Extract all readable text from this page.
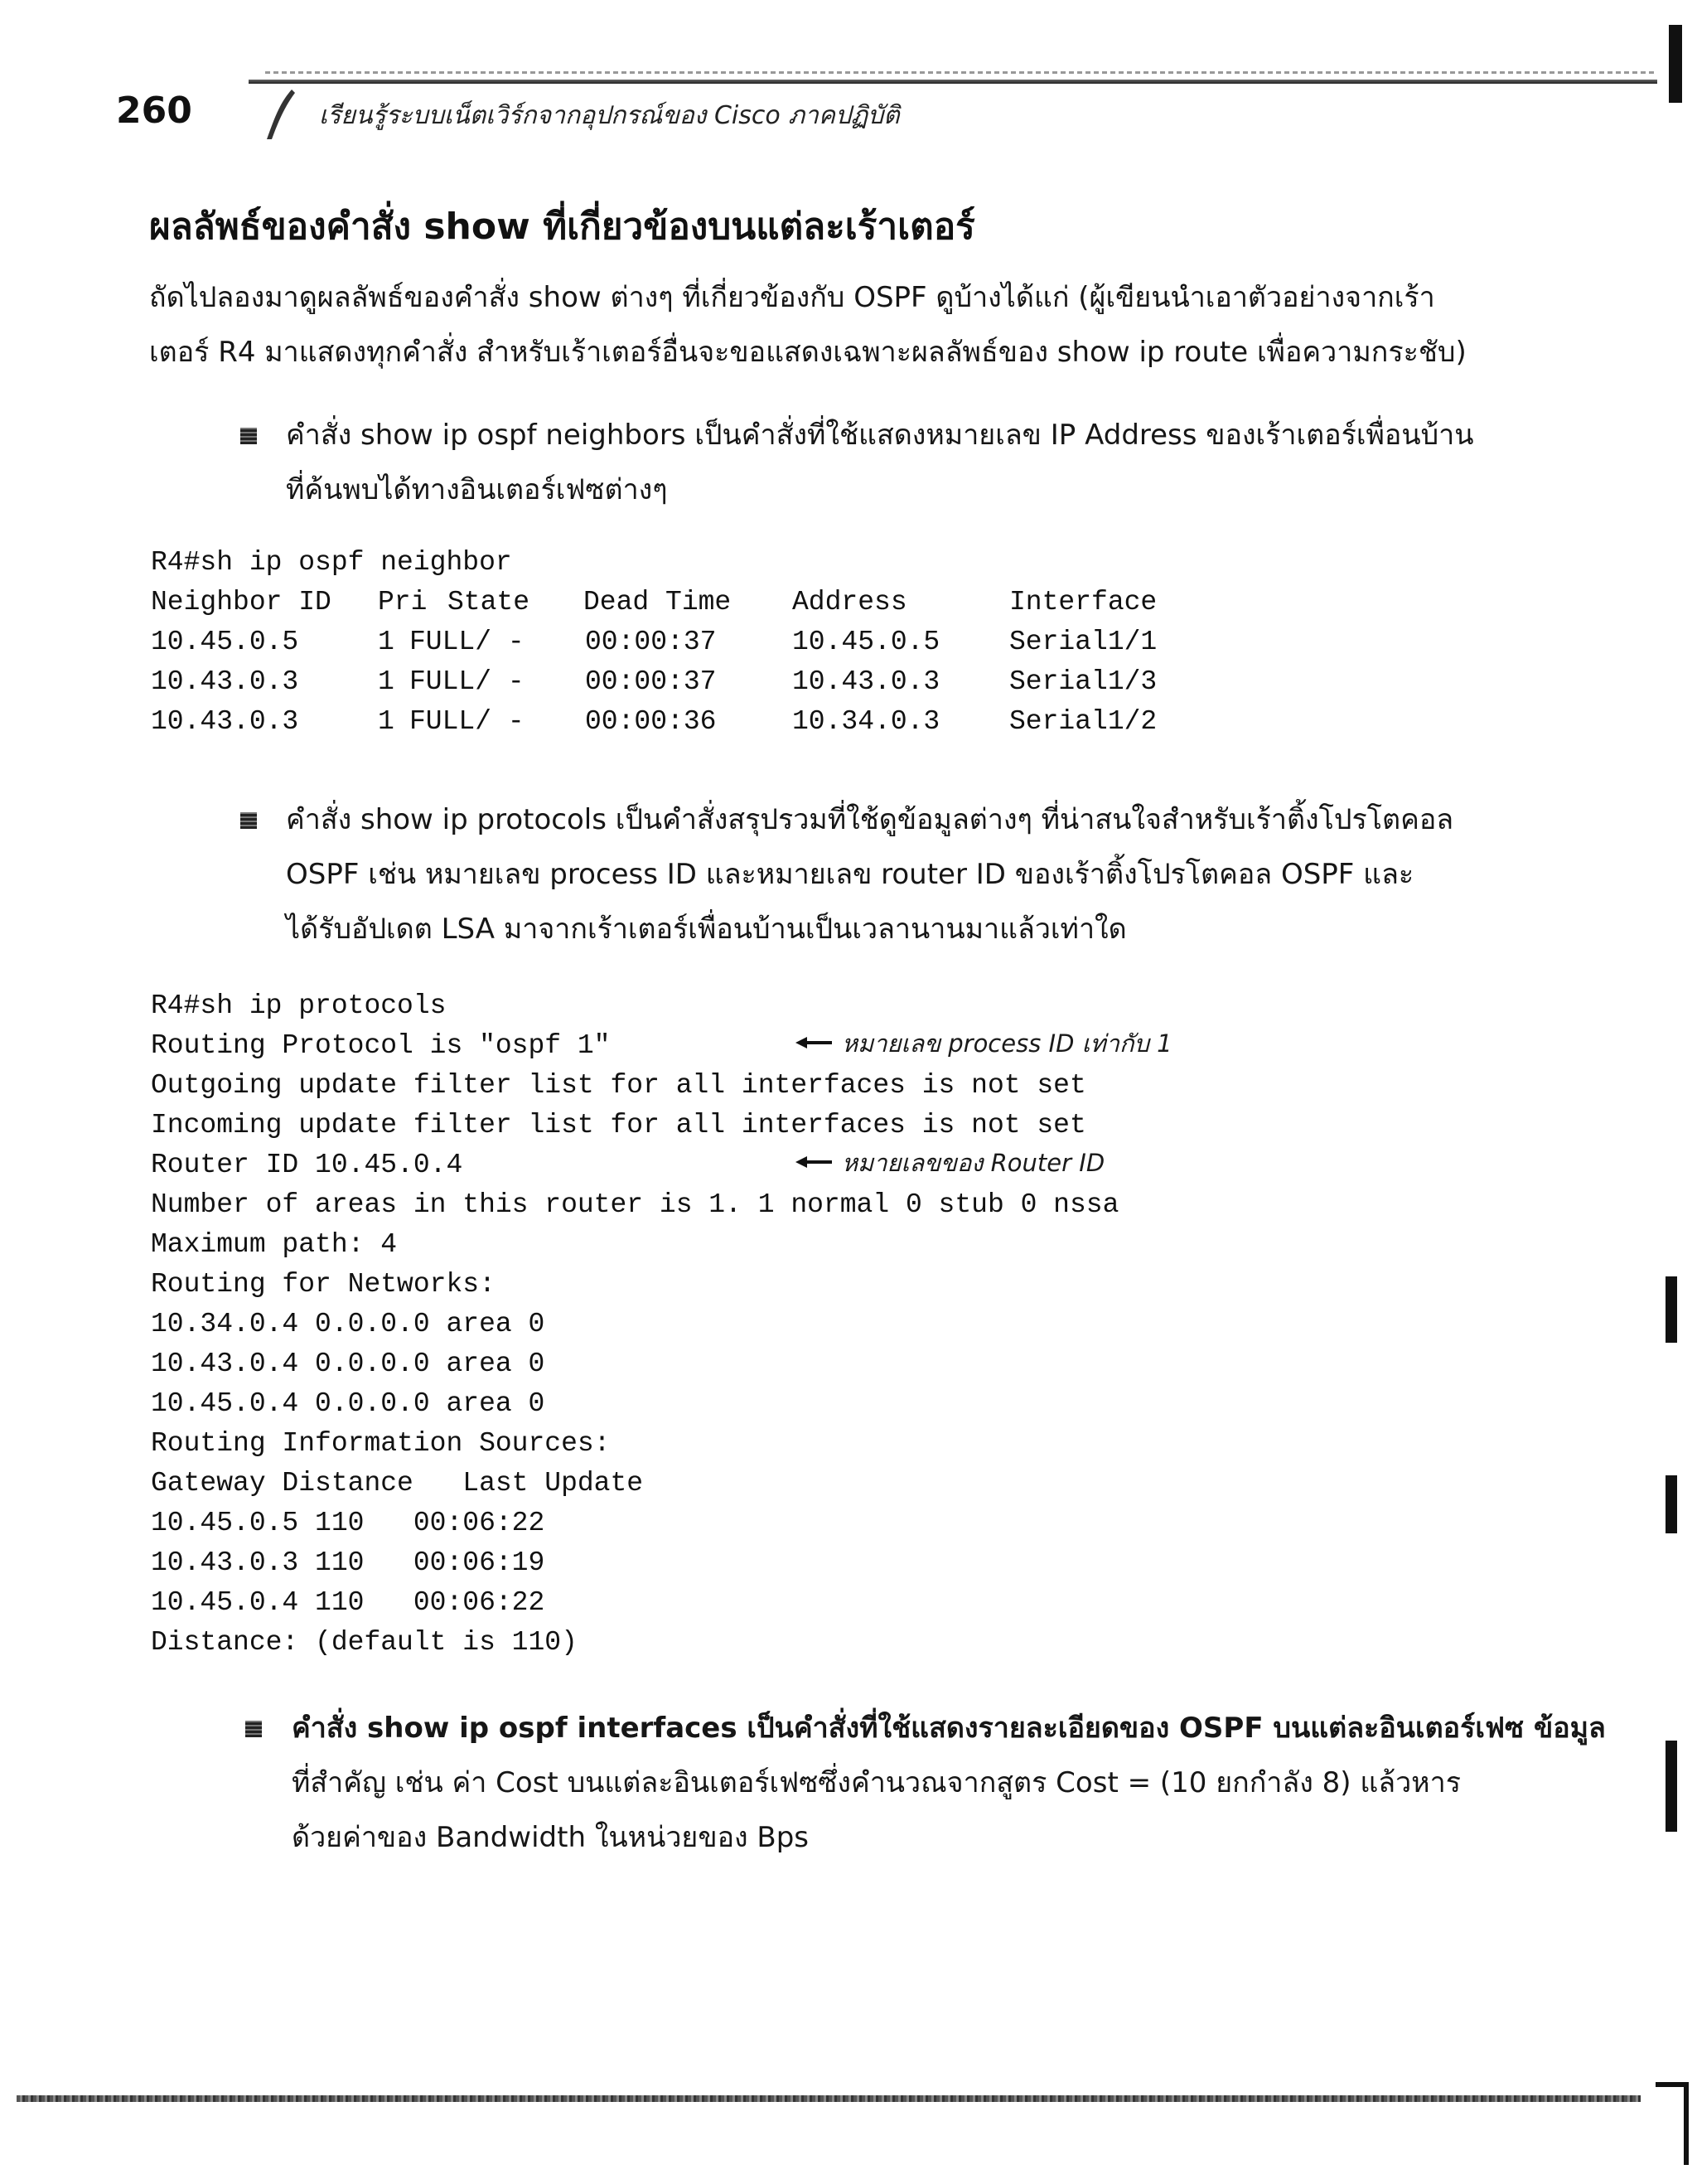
260	เรียนรู้ระบบเน็ตเวิร์กจากอุปกรณ์ของ Cisco ภาคปฏิบัติ
ผลลัพธ์ของคำสั่ง show ที่เกี่ยวข้องบนแต่ละเร้าเตอร์
ถัดไปลองมาดูผลลัพธ์ของคำสั่ง show ต่างๆ ที่เกี่ยวข้องกับ OSPF ดูบ้างได้แก่ (ผู้เขียนนำเอาตัวอย่างจากเร้า
เตอร์ R4 มาแสดงทุกคำสั่ง สำหรับเร้าเตอร์อื่นจะขอแสดงเฉพาะผลลัพธ์ของ show ip route เพื่อความกระชับ)
คำสั่ง show ip ospf neighbors เป็นคำสั่งที่ใช้แสดงหมายเลข IP Address ของเร้าเตอร์เพื่อนบ้าน
ที่ค้นพบได้ทางอินเตอร์เฟซต่างๆ
R4#sh ip ospf neighbor
Neighbor ID Pri State Dead Time Address	Interface
10.45.0.5	1 FULL/ - 00:00:37	10.45.0.5	Serial1/1
10.43.0.3	1 FULL/ - 00:00:37	10.43.0.3	Serial1/3
10.43.0.3	1 FULL/ - 00:00:36	10.34.0.3	Serial1/2
คำสั่ง show ip protocols เป็นคำสั่งสรุปรวมที่ใช้ดูข้อมูลต่างๆ ที่น่าสนใจสำหรับเร้าติ้งโปรโตคอล
OSPF เช่น หมายเลข process ID และหมายเลข router ID ของเร้าติ้งโปรโตคอล OSPF และ
ได้รับอัปเดต LSA มาจากเร้าเตอร์เพื่อนบ้านเป็นเวลานานมาแล้วเท่าใด
R4#sh ip protocols
Routing Protocol is "ospf 1"
Outgoing update filter list for all interfaces is not set
Incoming update filter list for all interfaces is not set
Router ID 10.45.0.4
Number of areas in this router is 1. 1 normal 0 stub 0 nssa
Maximum path: 4
Routing for Networks:
10.34.0.4 0.0.0.0 area 0
10.43.0.4 0.0.0.0 area 0
10.45.0.4 0.0.0.0 area 0
Routing Information Sources:
Gateway Distance   Last Update
10.45.0.5 110   00:06:22
10.43.0.3 110   00:06:19
10.45.0.4 110   00:06:22
Distance: (default is 110)
หมายเลข process ID เท่ากับ 1
หมายเลขของ Router ID
คำสั่ง show ip ospf interfaces เป็นคำสั่งที่ใช้แสดงรายละเอียดของ OSPF บนแต่ละอินเตอร์เฟซ ข้อมูล
ที่สำคัญ เช่น ค่า Cost บนแต่ละอินเตอร์เฟซซึ่งคำนวณจากสูตร Cost = (10 ยกกำลัง 8) แล้วหาร
ด้วยค่าของ Bandwidth ในหน่วยของ Bps
